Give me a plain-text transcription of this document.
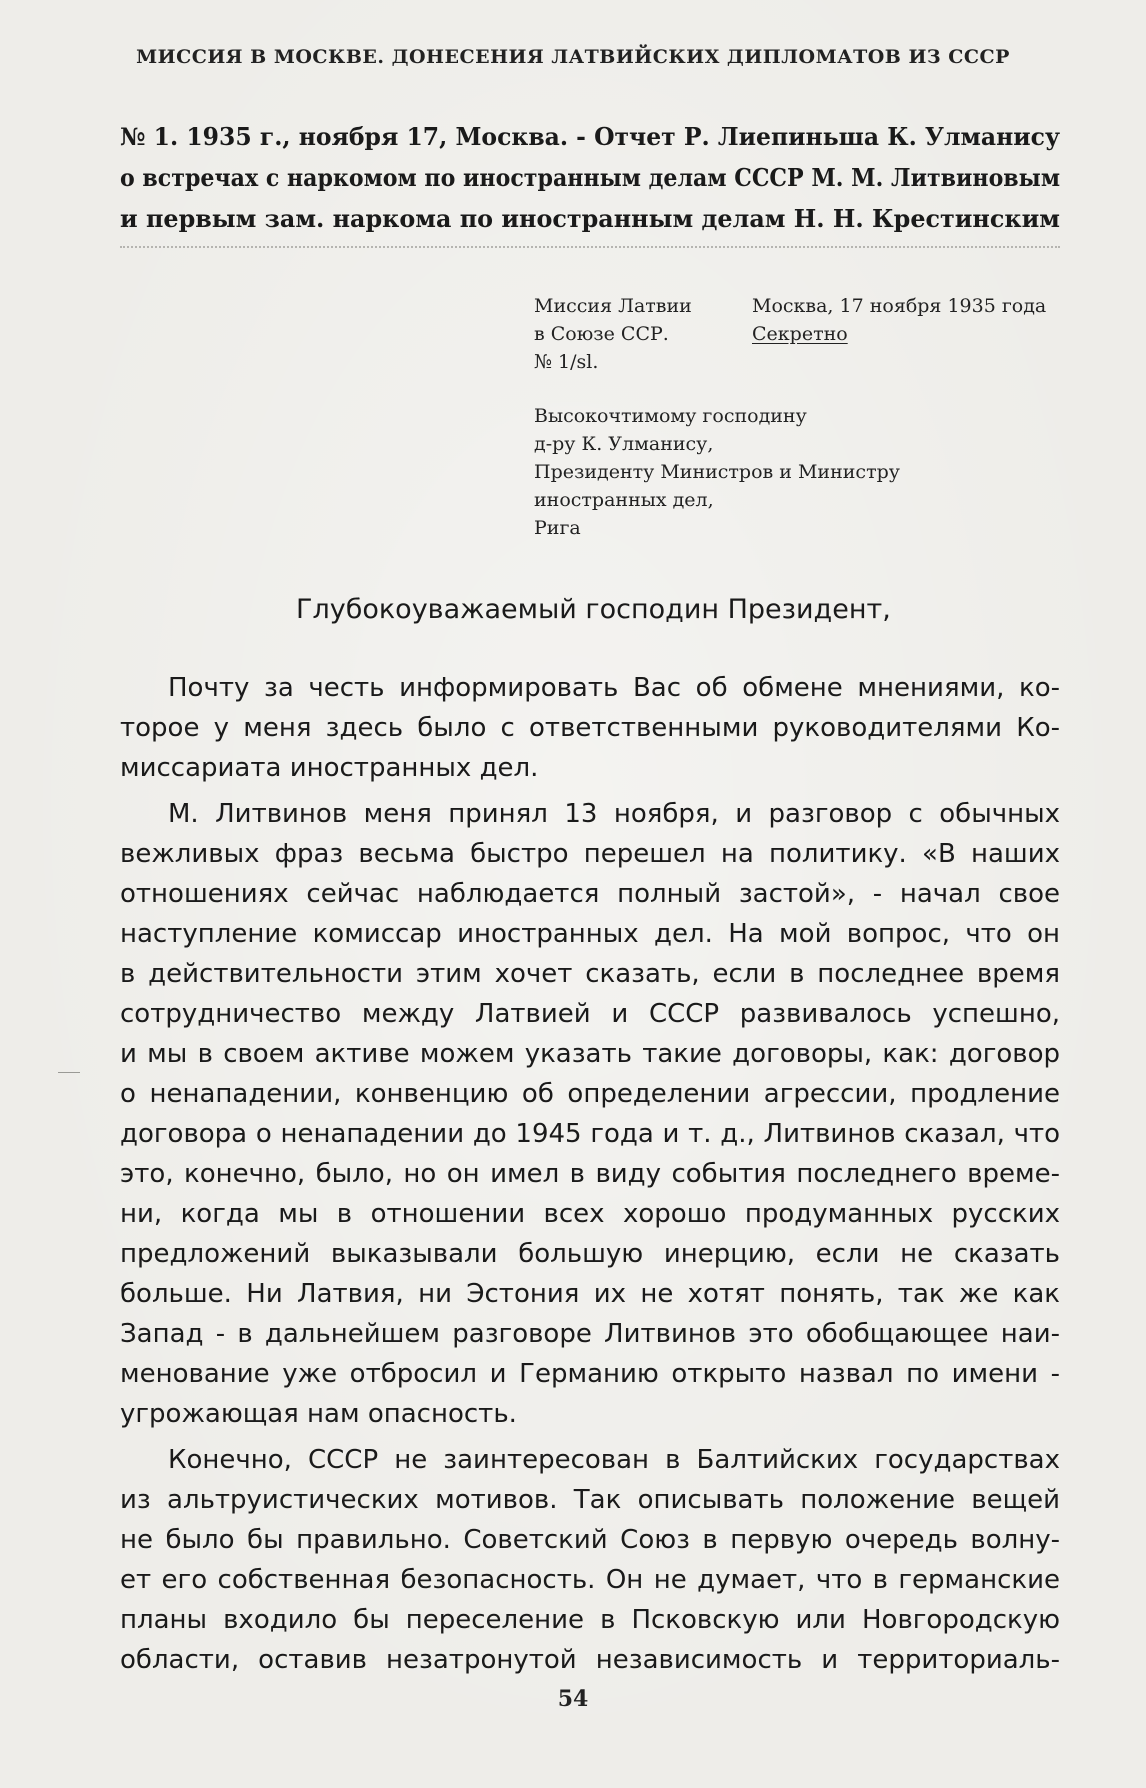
МИССИЯ В МОСКВЕ. ДОНЕСЕНИЯ ЛАТВИЙСКИХ ДИПЛОМАТОВ ИЗ СССР
№ 1. 1935 г., ноября 17, Москва. - Отчет Р. Лиепиньша К. Улманису
о встречах с наркомом по иностранным делам СССР М. М. Литвиновым
и первым зам. наркома по иностранным делам Н. Н. Крестинским
Миссия Латвии
в Союзе ССР.
№ 1/sl.
Москва, 17 ноября 1935 года
Секретно
Высокочтимому господину
д-ру К. Улманису,
Президенту Министров и Министру
иностранных дел,
Рига
Глубокоуважаемый господин Президент,
Почту за честь информировать Вас об обмене мнениями, ко-
торое у меня здесь было с ответственными руководителями Ко-
миссариата иностранных дел.
М. Литвинов меня принял 13 ноября, и разговор с обычных
вежливых фраз весьма быстро перешел на политику. «В наших
отношениях сейчас наблюдается полный застой», - начал свое
наступление комиссар иностранных дел. На мой вопрос, что он
в действительности этим хочет сказать, если в последнее время
сотрудничество между Латвией и СССР развивалось успешно,
и мы в своем активе можем указать такие договоры, как: договор
о ненападении, конвенцию об определении агрессии, продление
договора о ненападении до 1945 года и т. д., Литвинов сказал, что
это, конечно, было, но он имел в виду события последнего време-
ни, когда мы в отношении всех хорошо продуманных русских
предложений выказывали большую инерцию, если не сказать
больше. Ни Латвия, ни Эстония их не хотят понять, так же как
Запад - в дальнейшем разговоре Литвинов это обобщающее наи-
менование уже отбросил и Германию открыто назвал по имени -
угрожающая нам опасность.
Конечно, СССР не заинтересован в Балтийских государствах
из альтруистических мотивов. Так описывать положение вещей
не было бы правильно. Советский Союз в первую очередь волну-
ет его собственная безопасность. Он не думает, что в германские
планы входило бы переселение в Псковскую или Новгородскую
области, оставив незатронутой независимость и территориаль-
54
